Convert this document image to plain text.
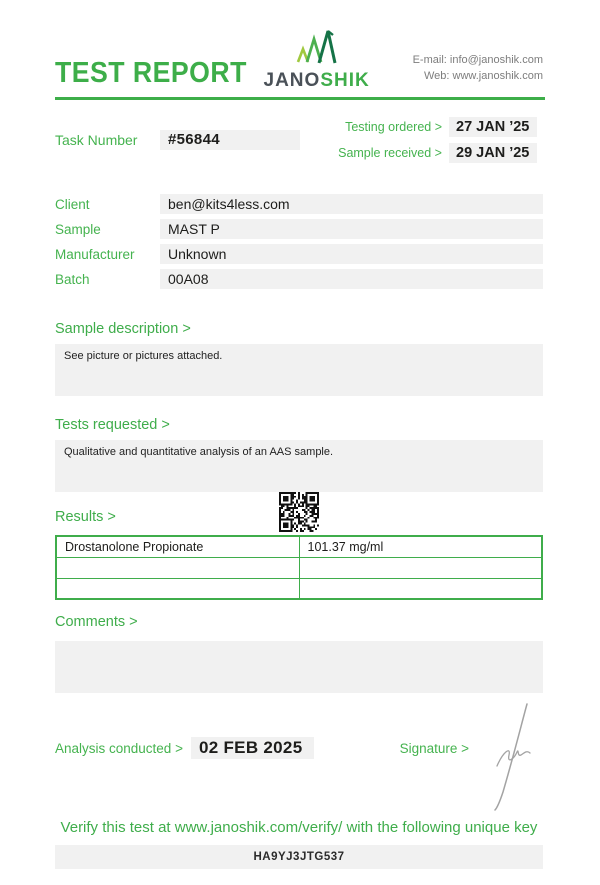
TEST REPORT JANOSHIK
E-mail: info@janoshik.com
Web: www.janoshik.com
Task Number	#56844
Testing ordered > 27 JAN ’25
Sample received > 29 JAN ’25
Client	ben@kits4less.com
Sample	MAST P
Manufacturer	Unknown
Batch	00A08
Sample description >
See picture or pictures attached.
Tests requested >
Qualitative and quantitative analysis of an AAS sample.
Results >
Drostanolone Propionate	101.37 mg/ml

Comments >
Analysis conducted > 02 FEB 2025	Signature >
Verify this test at www.janoshik.com/verify/ with the following unique key
HA9YJ3JTG537
